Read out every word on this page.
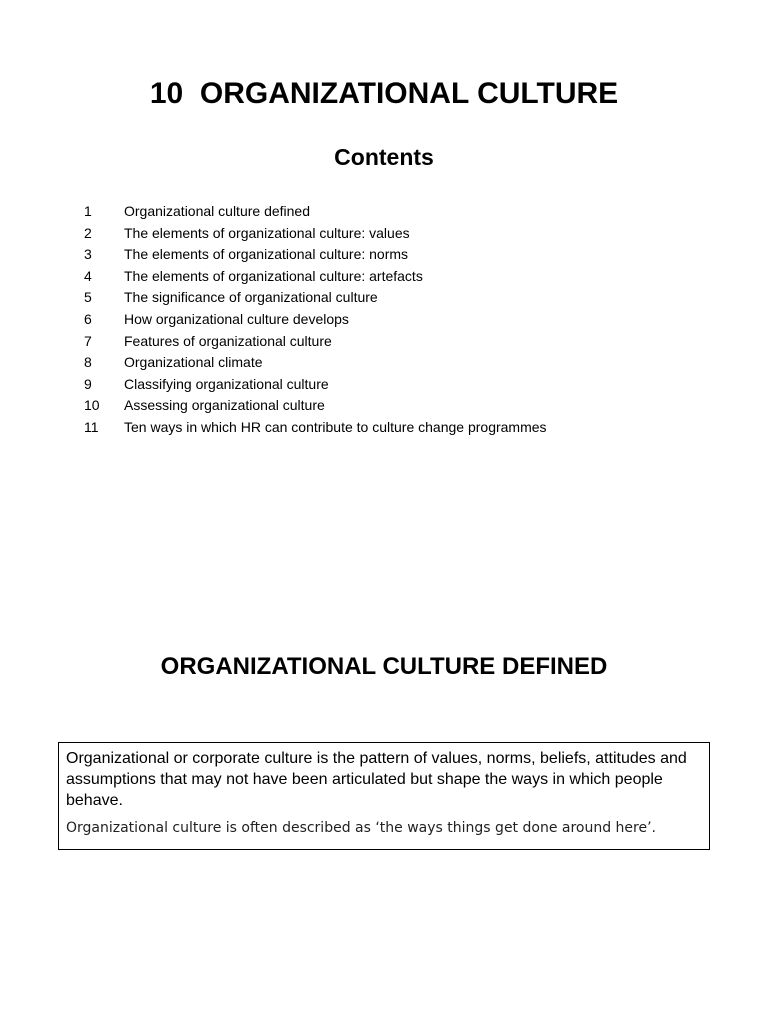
10  ORGANIZATIONAL CULTURE
Contents
1	Organizational culture defined
2	The elements of organizational culture: values
3	The elements of organizational culture: norms
4	The elements of organizational culture: artefacts
5	The significance of organizational culture
6	How organizational culture develops
7	Features of organizational culture
8	Organizational climate
9	Classifying organizational culture
10	Assessing organizational culture
11	Ten ways in which HR can contribute to culture change programmes
ORGANIZATIONAL CULTURE DEFINED

Organizational or corporate culture is the pattern of values, norms, beliefs, attitudes and assumptions that may not have been articulated but shape the ways in which people behave.

Organizational culture is often described as ‘the ways things get done around here’.
